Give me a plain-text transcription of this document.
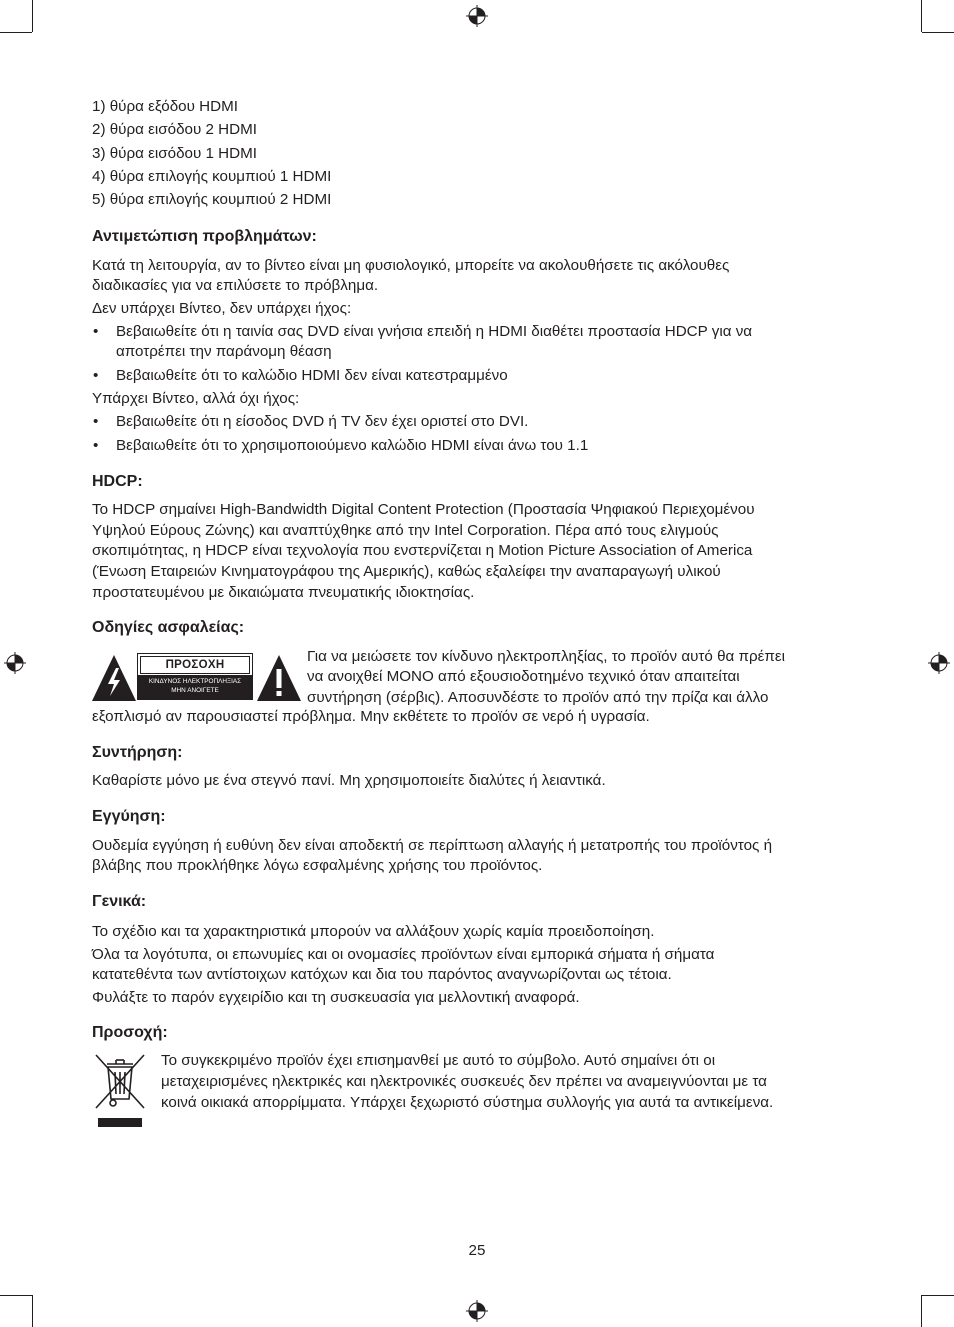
1) θύρα εξόδου HDMI
2) θύρα εισόδου 2 HDMI
3) θύρα εισόδου 1 HDMI
4) θύρα επιλογής κουμπιού 1 HDMI
5) θύρα επιλογής κουμπιού 2 HDMI
Αντιμετώπιση προβλημάτων:
Κατά τη λειτουργία, αν το βίντεο είναι μη φυσιολογικό, μπορείτε να ακολουθήσετε τις ακόλουθες
διαδικασίες για να επιλύσετε το πρόβλημα.
Δεν υπάρχει Βίντεο, δεν υπάρχει ήχος:
• Βεβαιωθείτε ότι η ταινία σας DVD είναι γνήσια επειδή η HDMI διαθέτει προστασία HDCP για να
αποτρέπει την παράνομη θέαση
• Βεβαιωθείτε ότι το καλώδιο HDMI δεν είναι κατεστραμμένο
Υπάρχει Βίντεο, αλλά όχι ήχος:
• Βεβαιωθείτε ότι η είσοδος DVD ή TV δεν έχει οριστεί στο DVI.
• Βεβαιωθείτε ότι το χρησιμοποιούμενο καλώδιο HDMI είναι άνω του 1.1
HDCP:
Το HDCP σημαίνει High-Bandwidth Digital Content Protection (Προστασία Ψηφιακού Περιεχομένου
Υψηλού Εύρους Ζώνης) και αναπτύχθηκε από την Intel Corporation. Πέρα από τους ελιγμούς
σκοπιμότητας, η HDCP είναι τεχνολογία που ενστερνίζεται η Motion Picture Association of America
(Ένωση Εταιρειών Κινηματογράφου της Αμερικής), καθώς εξαλείφει την αναπαραγωγή υλικού
προστατευμένου με δικαιώματα πνευματικής ιδιοκτησίας.
Οδηγίες ασφαλείας:
ΠΡΟΣΟΧΗ
ΚΙΝΔΥΝΟΣ ΗΛΕΚΤΡΟΠΛΗΞΙΑΣ
ΜΗΝ ΑΝΟΙΓΕΤΕ
Για να μειώσετε τον κίνδυνο ηλεκτροπληξίας, το προϊόν αυτό θα πρέπει
να ανοιχθεί ΜΟΝΟ από εξουσιοδοτημένο τεχνικό όταν απαιτείται
συντήρηση (σέρβις). Αποσυνδέστε το προϊόν από την πρίζα και άλλο
εξοπλισμό αν παρουσιαστεί πρόβλημα. Μην εκθέτετε το προϊόν σε νερό ή υγρασία.
Συντήρηση:
Καθαρίστε μόνο με ένα στεγνό πανί. Μη χρησιμοποιείτε διαλύτες ή λειαντικά.
Εγγύηση:
Ουδεμία εγγύηση ή ευθύνη δεν είναι αποδεκτή σε περίπτωση αλλαγής ή μετατροπής του προϊόντος ή
βλάβης που προκλήθηκε λόγω εσφαλμένης χρήσης του προϊόντος.
Γενικά:
Το σχέδιο και τα χαρακτηριστικά μπορούν να αλλάξουν χωρίς καμία προειδοποίηση.
Όλα τα λογότυπα, οι επωνυμίες και οι ονομασίες προϊόντων είναι εμπορικά σήματα ή σήματα
κατατεθέντα των αντίστοιχων κατόχων και δια του παρόντος αναγνωρίζονται ως τέτοια.
Φυλάξτε το παρόν εγχειρίδιο και τη συσκευασία για μελλοντική αναφορά.
Προσοχή:
Το συγκεκριμένο προϊόν έχει επισημανθεί με αυτό το σύμβολο. Αυτό σημαίνει ότι οι
μεταχειρισμένες ηλεκτρικές και ηλεκτρονικές συσκευές δεν πρέπει να αναμειγνύονται με τα
κοινά οικιακά απορρίμματα. Υπάρχει ξεχωριστό σύστημα συλλογής για αυτά τα αντικείμενα.
25
